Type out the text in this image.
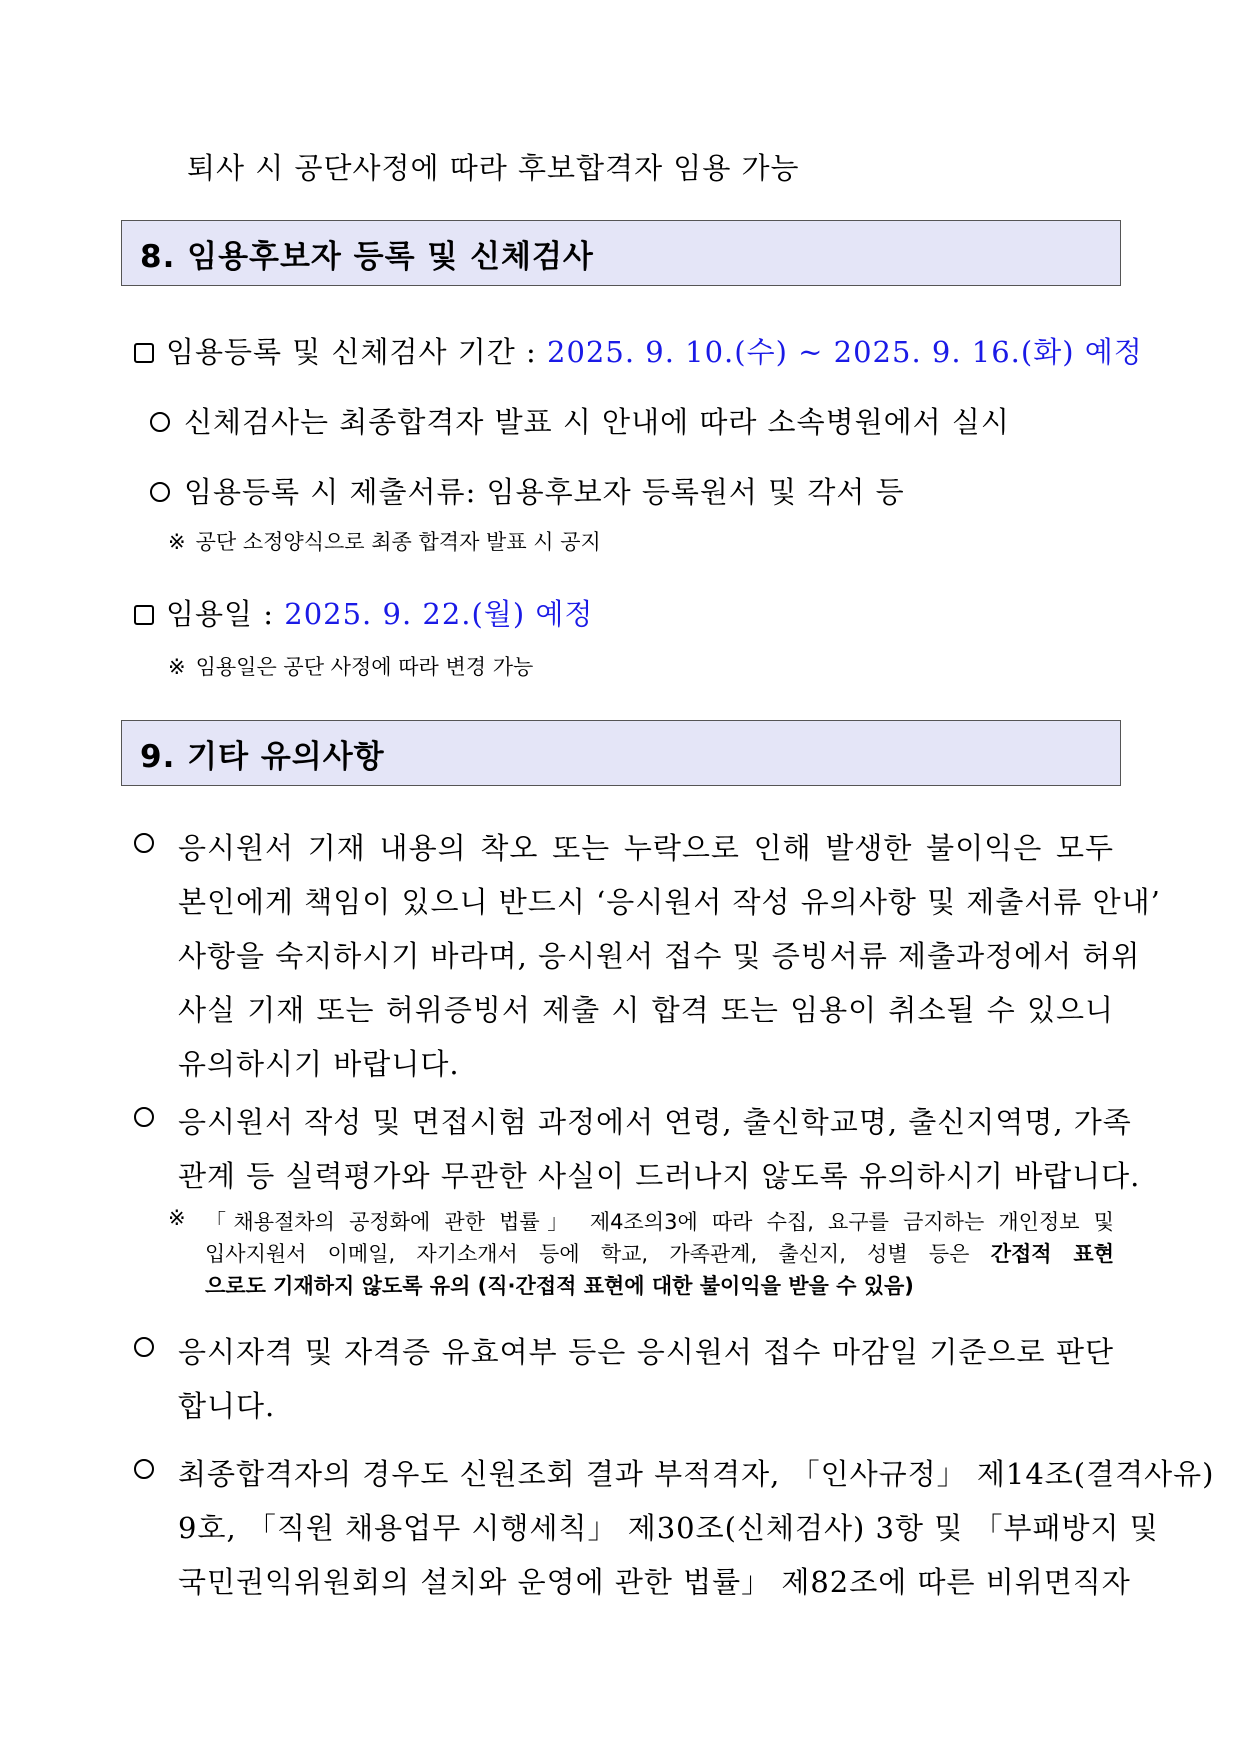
퇴사 시 공단사정에 따라 후보합격자 임용 가능
8. 임용후보자 등록 및 신체검사
임용등록 및 신체검사 기간 : 2025. 9. 10.(수) ~ 2025. 9. 16.(화) 예정
신체검사는 최종합격자 발표 시 안내에 따라 소속병원에서 실시
임용등록 시 제출서류: 임용후보자 등록원서 및 각서 등
※ 공단 소정양식으로 최종 합격자 발표 시 공지
임용일 : 2025. 9. 22.(월) 예정
※ 임용일은 공단 사정에 따라 변경 가능
9. 기타 유의사항
응시원서 기재 내용의 착오 또는 누락으로 인해 발생한 불이익은 모두
본인에게 책임이 있으니 반드시 ‘응시원서 작성 유의사항 및 제출서류 안내’
사항을 숙지하시기 바라며, 응시원서 접수 및 증빙서류 제출과정에서 허위
사실 기재 또는 허위증빙서 제출 시 합격 또는 임용이 취소될 수 있으니
유의하시기 바랍니다.
응시원서 작성 및 면접시험 과정에서 연령, 출신학교명, 출신지역명, 가족
관계 등 실력평가와 무관한 사실이 드러나지 않도록 유의하시기 바랍니다.
※ 「채용절차의 공정화에 관한 법률」 제4조의3에 따라 수집, 요구를 금지하는 개인정보 및
입사지원서 이메일, 자기소개서 등에 학교, 가족관계, 출신지, 성별 등은 간접적 표현
으로도 기재하지 않도록 유의 (직·간접적 표현에 대한 불이익을 받을 수 있음)
응시자격 및 자격증 유효여부 등은 응시원서 접수 마감일 기준으로 판단
합니다.
최종합격자의 경우도 신원조회 결과 부적격자, 「인사규정」 제14조(결격사유)
9호, 「직원 채용업무 시행세칙」 제30조(신체검사) 3항 및 「부패방지 및
국민권익위원회의 설치와 운영에 관한 법률」 제82조에 따른 비위면직자
